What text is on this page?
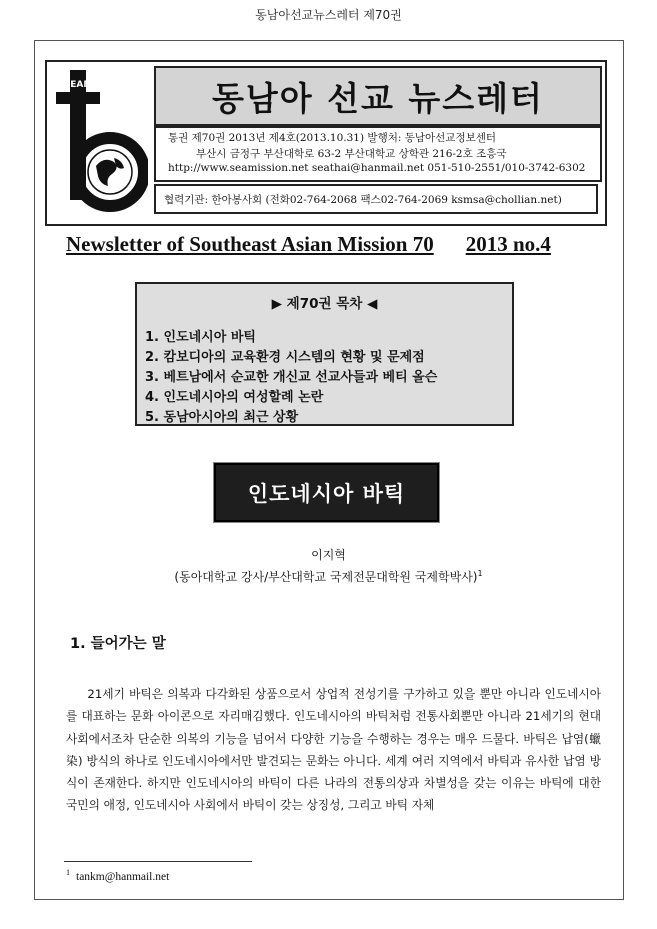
동남아선교뉴스레터 제70권
SEAM	동남아 선교 뉴스레터
통권 제70권 2013년 제4호(2013.10.31) 발행처: 동남아선교정보센터
부산시 금정구 부산대학로 63-2 부산대학교 상학관 216-2호 조흥국
http://www.seamission.net seathai@hanmail.net 051-510-2551/010-3742-6302
협력기관: 한아봉사회 (전화02-764-2068 팩스02-764-2069 ksmsa@chollian.net)
Newsletter of Southeast Asian Mission 70 2013 no.4
▶ 제70권 목차 ◀
1. 인도네시아 바틱
2. 캄보디아의 교육환경 시스템의 현황 및 문제점
3. 베트남에서 순교한 개신교 선교사들과 베티 올슨
4. 인도네시아의 여성할례 논란
5. 동남아시아의 최근 상황
인도네시아 바틱
이지혁
(동아대학교 강사/부산대학교 국제전문대학원 국제학박사)$^1$
1. 들어가는 말

21세기 바틱은 의복과 다각화된 상품으로서 상업적 전성기를 구가하고 있을 뿐만 아니라 인도네시아를 대표하는 문화 아이콘으로 자리매김했다. 인도네시아의 바틱처럼 전통사회뿐만 아니라 21세기의 현대사회에서조차 단순한 의복의 기능을 넘어서 다양한 기능을 수행하는 경우는 매우 드물다. 바틱은 납염(蠟染) 방식의 하나로 인도네시아에서만 발견되는 문화는 아니다. 세계 여러 지역에서 바틱과 유사한 납염 방식이 존재한다. 하지만 인도네시아의 바틱이 다른 나라의 전통의상과 차별성을 갖는 이유는 바틱에 대한 국민의 애정, 인도네시아 사회에서 바틱이 갖는 상징성, 그리고 바틱 자체

$^1$ tankm@hanmail.net
